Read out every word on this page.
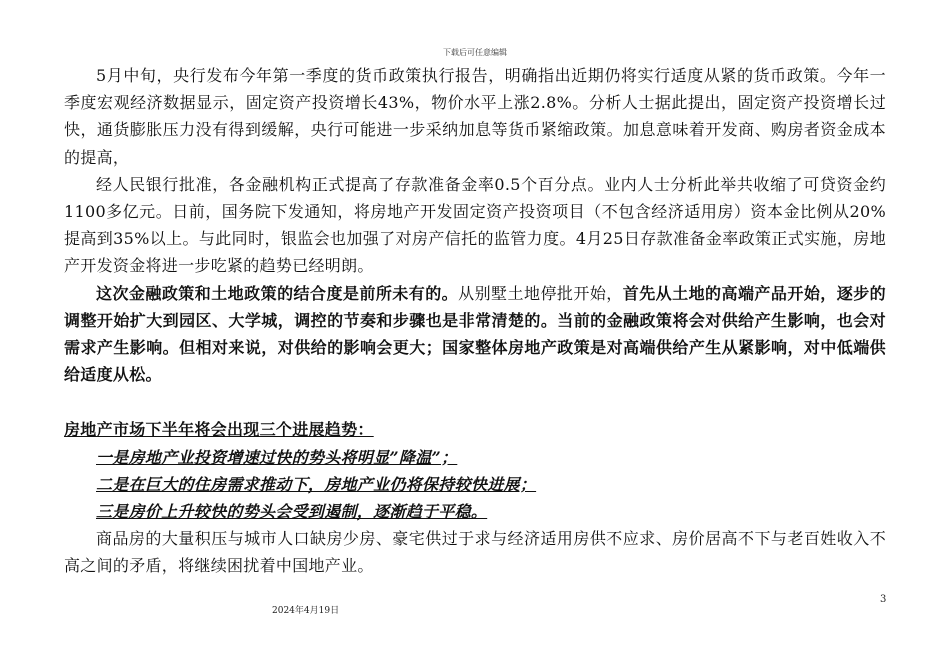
下载后可任意编辑

5月中旬，央行发布今年第一季度的货币政策执行报告，明确指出近期仍将实行适度从紧的货币政策。今年一季度宏观经济数据显示，固定资产投资增长43%，物价水平上涨2.8%。分析人士据此提出，固定资产投资增长过快，通货膨胀压力没有得到缓解，央行可能进一步采纳加息等货币紧缩政策。加息意味着开发商、购房者资金成本的提高，

经人民银行批准，各金融机构正式提高了存款准备金率0.5个百分点。业内人士分析此举共收缩了可贷资金约1100多亿元。日前，国务院下发通知，将房地产开发固定资产投资项目（不包含经济适用房）资本金比例从20%提高到35%以上。与此同时，银监会也加强了对房产信托的监管力度。4月25日存款准备金率政策正式实施，房地产开发资金将进一步吃紧的趋势已经明朗。

这次金融政策和土地政策的结合度是前所未有的。从别墅土地停批开始，首先从土地的高端产品开始，逐步的调整开始扩大到园区、大学城，调控的节奏和步骤也是非常清楚的。当前的金融政策将会对供给产生影响，也会对需求产生影响。但相对来说，对供给的影响会更大；国家整体房地产政策是对高端供给产生从紧影响，对中低端供给适度从松。

房地产市场下半年将会出现三个进展趋势：

一是房地产业投资增速过快的势头将明显”降温”；

二是在巨大的住房需求推动下，房地产业仍将保持较快进展；

三是房价上升较快的势头会受到遏制，逐渐趋于平稳。

商品房的大量积压与城市人口缺房少房、豪宅供过于求与经济适用房供不应求、房价居高不下与老百姓收入不高之间的矛盾，将继续困扰着中国地产业。

2024年4月19日
3
